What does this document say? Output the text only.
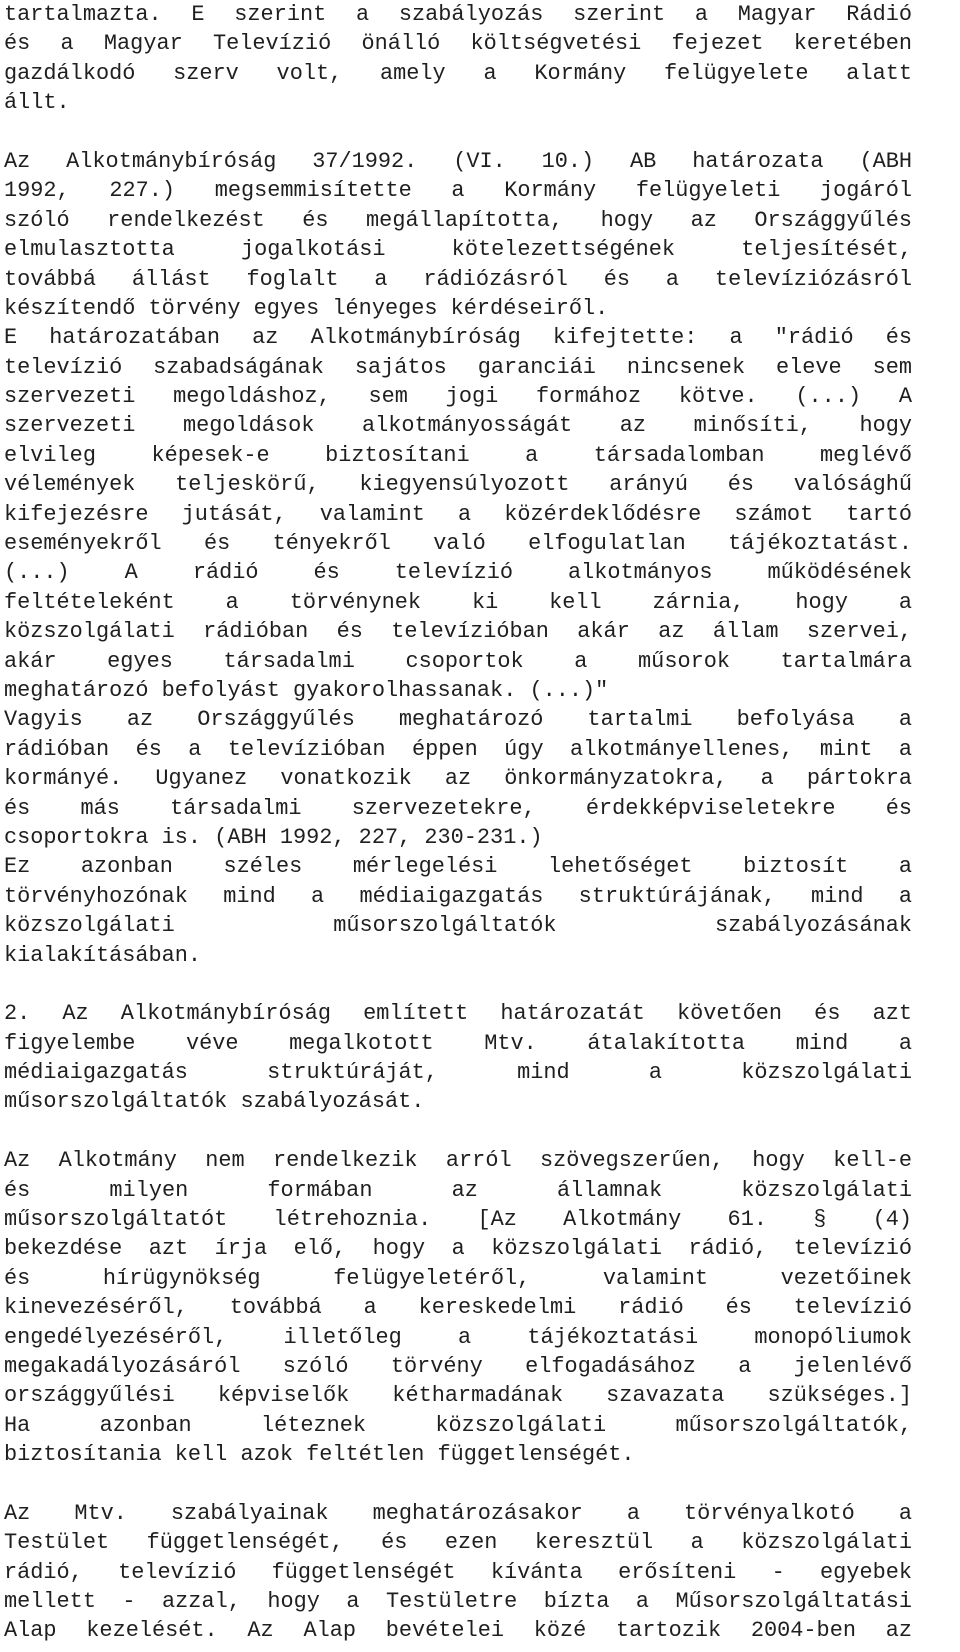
tartalmazta. E szerint a szabályozás szerint a Magyar Rádió
és a Magyar Televízió önálló költségvetési fejezet keretében
gazdálkodó szerv volt, amely a Kormány felügyelete alatt
állt.
Az Alkotmánybíróság 37/1992. (VI. 10.) AB határozata (ABH
1992, 227.) megsemmisítette a Kormány felügyeleti jogáról
szóló rendelkezést és megállapította, hogy az Országgyűlés
elmulasztotta jogalkotási kötelezettségének teljesítését,
továbbá állást foglalt a rádiózásról és a televíziózásról
készítendő törvény egyes lényeges kérdéseiről.
E határozatában az Alkotmánybíróság kifejtette: a "rádió és
televízió szabadságának sajátos garanciái nincsenek eleve sem
szervezeti megoldáshoz, sem jogi formához kötve. (...) A
szervezeti megoldások alkotmányosságát az minősíti, hogy
elvileg képesek-e biztosítani a társadalomban meglévő
vélemények teljeskörű, kiegyensúlyozott arányú és valósághű
kifejezésre jutását, valamint a közérdeklődésre számot tartó
eseményekről és tényekről való elfogulatlan tájékoztatást.
(...) A rádió és televízió alkotmányos működésének
feltételeként a törvénynek ki kell zárnia, hogy a
közszolgálati rádióban és televízióban akár az állam szervei,
akár egyes társadalmi csoportok a műsorok tartalmára
meghatározó befolyást gyakorolhassanak. (...)"
Vagyis az Országgyűlés meghatározó tartalmi befolyása a
rádióban és a televízióban éppen úgy alkotmányellenes, mint a
kormányé. Ugyanez vonatkozik az önkormányzatokra, a pártokra
és más társadalmi szervezetekre, érdekképviseletekre és
csoportokra is. (ABH 1992, 227, 230-231.)
Ez azonban széles mérlegelési lehetőséget biztosít a
törvényhozónak mind a médiaigazgatás struktúrájának, mind a
közszolgálati műsorszolgáltatók szabályozásának
kialakításában.
2. Az Alkotmánybíróság említett határozatát követően és azt
figyelembe véve megalkotott Mtv. átalakította mind a
médiaigazgatás struktúráját, mind a közszolgálati
műsorszolgáltatók szabályozását.
Az Alkotmány nem rendelkezik arról szövegszerűen, hogy kell-e
és milyen formában az államnak közszolgálati
műsorszolgáltatót létrehoznia. [Az Alkotmány 61. § (4)
bekezdése azt írja elő, hogy a közszolgálati rádió, televízió
és hírügynökség felügyeletéről, valamint vezetőinek
kinevezéséről, továbbá a kereskedelmi rádió és televízió
engedélyezéséről, illetőleg a tájékoztatási monopóliumok
megakadályozásáról szóló törvény elfogadásához a jelenlévő
országgyűlési képviselők kétharmadának szavazata szükséges.]
Ha azonban léteznek közszolgálati műsorszolgáltatók,
biztosítania kell azok feltétlen függetlenségét.
Az Mtv. szabályainak meghatározásakor a törvényalkotó a
Testület függetlenségét, és ezen keresztül a közszolgálati
rádió, televízió függetlenségét kívánta erősíteni - egyebek
mellett - azzal, hogy a Testületre bízta a Műsorszolgáltatási
Alap kezelését. Az Alap bevételei közé tartozik 2004-ben az
